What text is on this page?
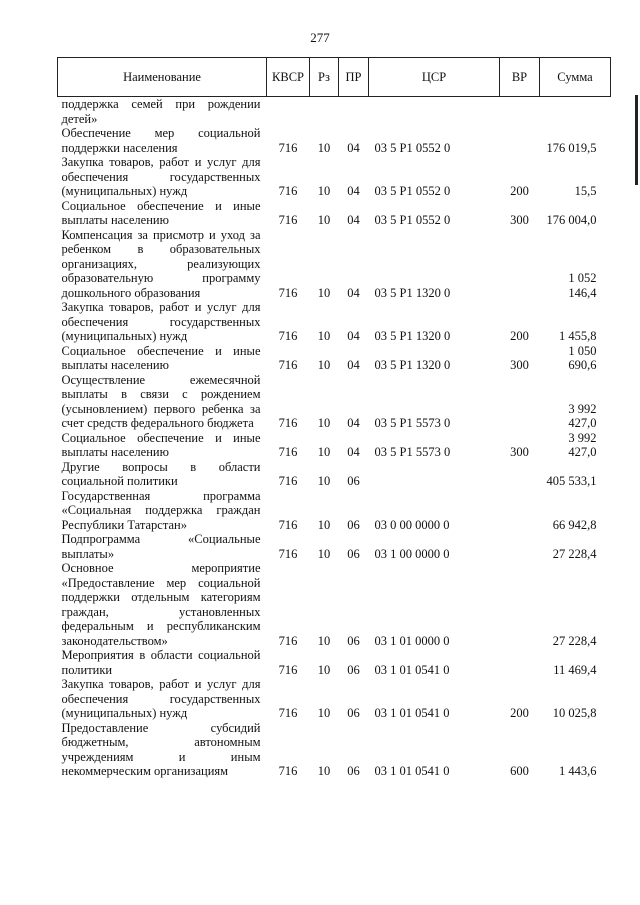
277
Наименование	КВСР	Рз	ПР	ЦСР	ВР	Сумма
поддержка семей при рождении детей»						
Обеспечение мер социальной поддержки населения	716	10	04	03 5 P1 0552 0		176 019,5
Закупка товаров, работ и услуг для обеспечения государственных (муниципальных) нужд	716	10	04	03 5 P1 0552 0	200	15,5
Социальное обеспечение и иные выплаты населению	716	10	04	03 5 P1 0552 0	300	176 004,0
Компенсация за присмотр и уход за ребенком в образовательных организациях, реализующих образовательную программу дошкольного образования	716	10	04	03 5 P1 1320 0		1 052 146,4
Закупка товаров, работ и услуг для обеспечения государственных (муниципальных) нужд	716	10	04	03 5 P1 1320 0	200	1 455,8
Социальное обеспечение и иные выплаты населению	716	10	04	03 5 P1 1320 0	300	1 050 690,6
Осуществление ежемесячной выплаты в связи с рождением (усыновлением) первого ребенка за счет средств федерального бюджета	716	10	04	03 5 P1 5573 0		3 992 427,0
Социальное обеспечение и иные выплаты населению	716	10	04	03 5 P1 5573 0	300	3 992 427,0
Другие вопросы в области социальной политики	716	10	06			405 533,1
Государственная программа «Социальная поддержка граждан Республики Татарстан»	716	10	06	03 0 00 0000 0		66 942,8
Подпрограмма «Социальные выплаты»	716	10	06	03 1 00 0000 0		27 228,4
Основное мероприятие «Предоставление мер социальной поддержки отдельным категориям граждан, установленных федеральным и республиканским законодательством»	716	10	06	03 1 01 0000 0		27 228,4
Мероприятия в области социальной политики	716	10	06	03 1 01 0541 0		11 469,4
Закупка товаров, работ и услуг для обеспечения государственных (муниципальных) нужд	716	10	06	03 1 01 0541 0	200	10 025,8
Предоставление субсидий бюджетным, автономным учреждениям и иным некоммерческим организациям	716	10	06	03 1 01 0541 0	600	1 443,6
